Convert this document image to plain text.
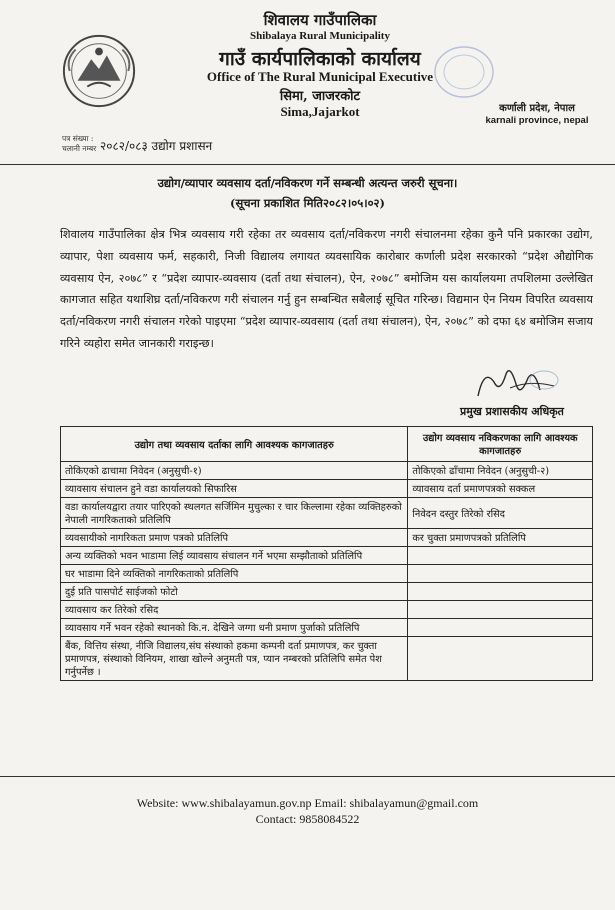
शिवालय गाउँपालिका
Shibalaya Rural Municipality
गाउँ कार्यपालिकाको कार्यालय
Office of The Rural Municipal Executive
सिमा, जाजरकोट
Sima,Jajarkot	कर्णाली प्रदेश, नेपाल
karnali province, nepal
पत्र संख्या :
चलानी नम्बर २०८२/०८३ उद्योग प्रशासन
उद्योग/व्यापार व्यवसाय दर्ता/नविकरण गर्ने सम्बन्धी अत्यन्त जरुरी सूचना।
(सूचना प्रकाशित मिति२०८२।०५।०२)
शिवालय गाउँपालिका क्षेत्र भित्र व्यवसाय गरी रहेका तर व्यवसाय दर्ता/नविकरण नगरी संचालनमा रहेका कुनै पनि प्रकारका उद्योग, व्यापार, पेशा व्यवसाय फर्म, सहकारी, निजी विद्यालय लगायत व्यवसायिक कारोबार कर्णाली प्रदेश सरकारको “प्रदेश औद्योगिक व्यवसाय ऐन, २०७८” र “प्रदेश व्यापार-व्यवसाय (दर्ता तथा संचालन), ऐन, २०७८” बमोजिम यस कार्यालयमा तपशिलमा उल्लेखित कागजात सहित यथाशिघ्र दर्ता/नविकरण गरी संचालन गर्नु हुन सम्बन्धित सबैलाई सूचित गरिन्छ। विद्यमान ऐन नियम विपरित व्यवसाय दर्ता/नविकरण नगरी संचालन गरेको पाइएमा “प्रदेश व्यापार-व्यवसाय (दर्ता तथा संचालन), ऐन, २०७८” को दफा ६४ बमोजिम सजाय गरिने व्यहोरा समेत जानकारी गराइन्छ।
प्रमुख प्रशासकीय अधिकृत
उद्योग तथा व्यवसाय दर्ताका लागि आवश्यक कागजातहरु	उद्योग व्यवसाय नविकरणका लागि आवश्यक कागजातहरु
तोकिएको ढाचामा निवेदन (अनुसुची-१)	तोकिएको ढाँचामा निवेदन (अनुसुची-२)
व्यावसाय संचालन हुने वडा कार्यालयको सिफारिस	व्यावसाय दर्ता प्रमाणपत्रको सक्कल
वडा कार्यालयद्वारा तयार पारिएको स्थलगत सर्जिमिन मुचुल्का र चार किल्लामा रहेका व्यक्तिहरुको नेपाली नागरिकताको प्रतिलिपि	निवेदन दस्तुर तिरेको रसिद
व्यवसायीको नागरिकता प्रमाण पत्रको प्रतिलिपि	कर चुक्ता प्रमाणपत्रको प्रतिलिपि
अन्य व्यक्तिको भवन भाडामा लिई व्यावसाय संचालन गर्ने भएमा सम्झौताको प्रतिलिपि	
घर भाडामा दिने व्यक्तिको नागरिकताको प्रतिलिपि	
दुई प्रति पासपोर्ट साईजको फोटो	
व्यावसाय कर तिरेको रसिद	
व्यावसाय गर्ने भवन रहेको स्थानको कि.न. देखिने जग्गा धनी प्रमाण पुर्जाको प्रतिलिपि	
बैंक, वित्तिय संस्था, नीजि विद्यालय,संघ संस्थाको हकमा कम्पनी दर्ता प्रमाणपत्र, कर चुक्ता प्रमाणपत्र, संस्थाको विनियम, शाखा खोल्ने अनुमती पत्र, प्यान नम्बरको प्रतिलिपि समेत पेश गर्नुपर्नेछ ।	
Website: www.shibalayamun.gov.np Email: shibalayamun@gmail.com
Contact: 9858084522
